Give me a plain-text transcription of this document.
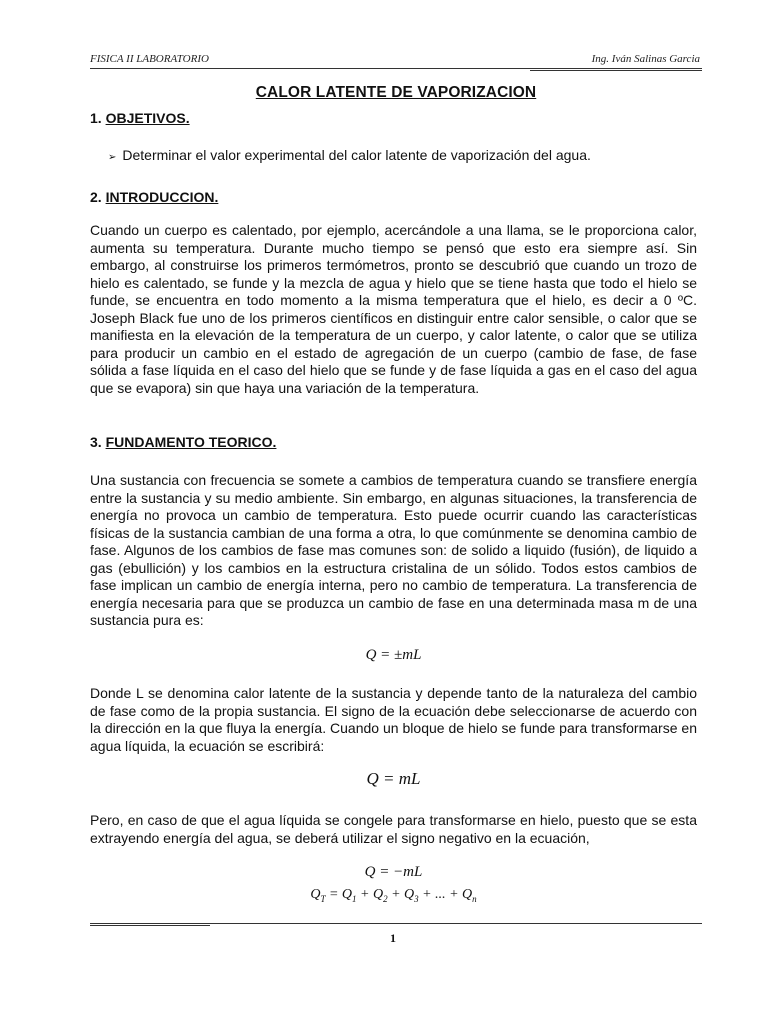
FISICA II LABORATORIO	Ing. Iván Salinas Garcia
CALOR LATENTE DE VAPORIZACION
1. OBJETIVOS.
➢ Determinar el valor experimental del calor latente de vaporización del agua.
2. INTRODUCCION.

Cuando un cuerpo es calentado, por ejemplo, acercándole a una llama, se le proporciona calor, aumenta su temperatura. Durante mucho tiempo se pensó que esto era siempre así. Sin embargo, al construirse los primeros termómetros, pronto se descubrió que cuando un trozo de hielo es calentado, se funde y la mezcla de agua y hielo que se tiene hasta que todo el hielo se funde, se encuentra en todo momento a la misma temperatura que el hielo, es decir a 0 ºC. Joseph Black fue uno de los primeros científicos en distinguir entre calor sensible, o calor que se manifiesta en la elevación de la temperatura de un cuerpo, y calor latente, o calor que se utiliza para producir un cambio en el estado de agregación de un cuerpo (cambio de fase, de fase sólida a fase líquida en el caso del hielo que se funde y de fase líquida a gas en el caso del agua que se evapora) sin que haya una variación de la temperatura.

3. FUNDAMENTO TEORICO.

Una sustancia con frecuencia se somete a cambios de temperatura cuando se transfiere energía entre la sustancia y su medio ambiente. Sin embargo, en algunas situaciones, la transferencia de energía no provoca un cambio de temperatura. Esto puede ocurrir cuando las características físicas de la sustancia cambian de una forma a otra, lo que comúnmente se denomina cambio de fase. Algunos de los cambios de fase mas comunes son: de solido a liquido (fusión), de liquido a gas (ebullición) y los cambios en la estructura cristalina de un sólido. Todos estos cambios de fase implican un cambio de energía interna, pero no cambio de temperatura. La transferencia de energía necesaria para que se produzca un cambio de fase en una determinada masa m de una sustancia pura es:

Q = ±mL

Donde L se denomina calor latente de la sustancia y depende tanto de la naturaleza del cambio de fase como de la propia sustancia. El signo de la ecuación debe seleccionarse de acuerdo con la dirección en la que fluya la energía. Cuando un bloque de hielo se funde para transformarse en agua líquida, la ecuación se escribirá:

Q = mL

Pero, en caso de que el agua líquida se congele para transformarse en hielo, puesto que se esta extrayendo energía del agua, se deberá utilizar el signo negativo en la ecuación,

Q = −mL
$Q_T = Q_1 + Q_2 + Q_3$ + ... + $Q_n$
1
